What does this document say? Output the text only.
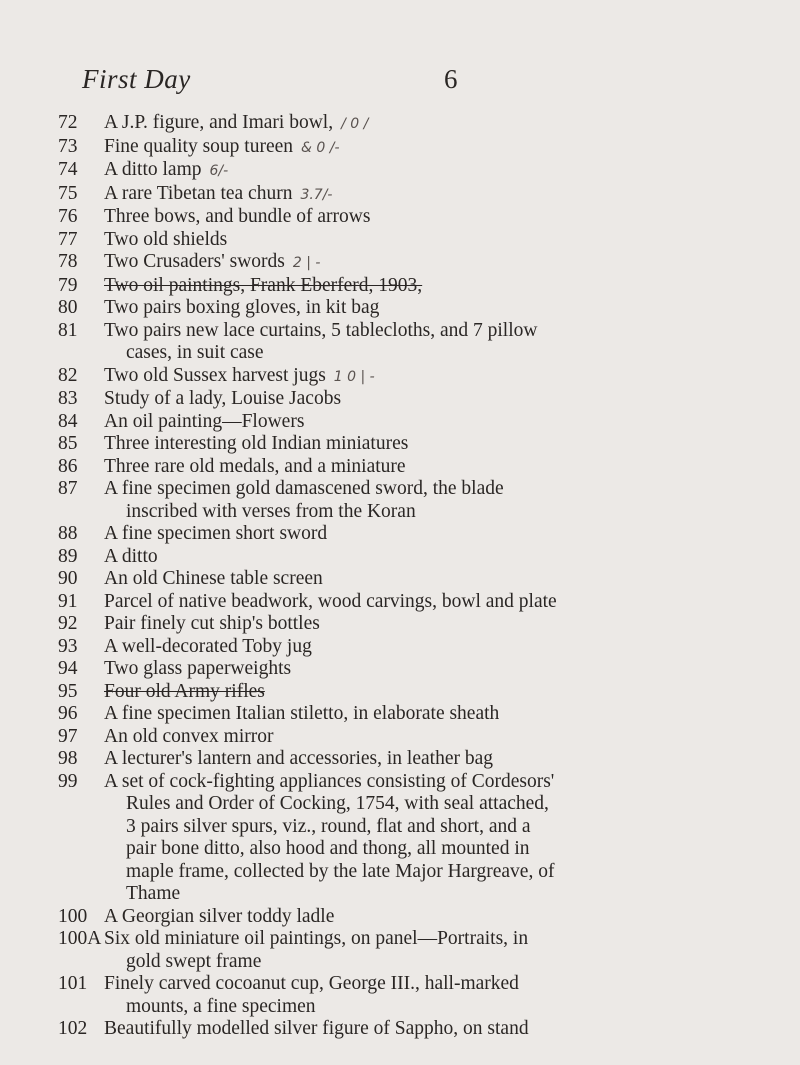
First Day	6
72	A J.P. figure, and Imari bowl, / 0 /
73	Fine quality soup tureen & 0 /-
74	A ditto lamp 6/-
75	A rare Tibetan tea churn 3.7/-
76	Three bows, and bundle of arrows
77	Two old shields
78	Two Crusaders' swords 2 | -
79	Two oil paintings, Frank Eberferd, 1903,
80	Two pairs boxing gloves, in kit bag
81	Two pairs new lace curtains, 5 tablecloths, and 7 pillow
cases, in suit case
82	Two old Sussex harvest jugs 1 0 | -
83	Study of a lady, Louise Jacobs
84	An oil painting—Flowers
85	Three interesting old Indian miniatures
86	Three rare old medals, and a miniature
87	A fine specimen gold damascened sword, the blade
inscribed with verses from the Koran
88	A fine specimen short sword
89	A ditto
90	An old Chinese table screen
91	Parcel of native beadwork, wood carvings, bowl and plate
92	Pair finely cut ship's bottles
93	A well-decorated Toby jug
94	Two glass paperweights
95	Four old Army rifles
96	A fine specimen Italian stiletto, in elaborate sheath
97	An old convex mirror
98	A lecturer's lantern and accessories, in leather bag
99	A set of cock-fighting appliances consisting of Cordesors'
Rules and Order of Cocking, 1754, with seal attached,
3 pairs silver spurs, viz., round, flat and short, and a
pair bone ditto, also hood and thong, all mounted in
maple frame, collected by the late Major Hargreave, of
Thame
100 A Georgian silver toddy ladle
100A Six old miniature oil paintings, on panel—Portraits, in
gold swept frame
101 Finely carved cocoanut cup, George III., hall-marked
mounts, a fine specimen
102 Beautifully modelled silver figure of Sappho, on stand
